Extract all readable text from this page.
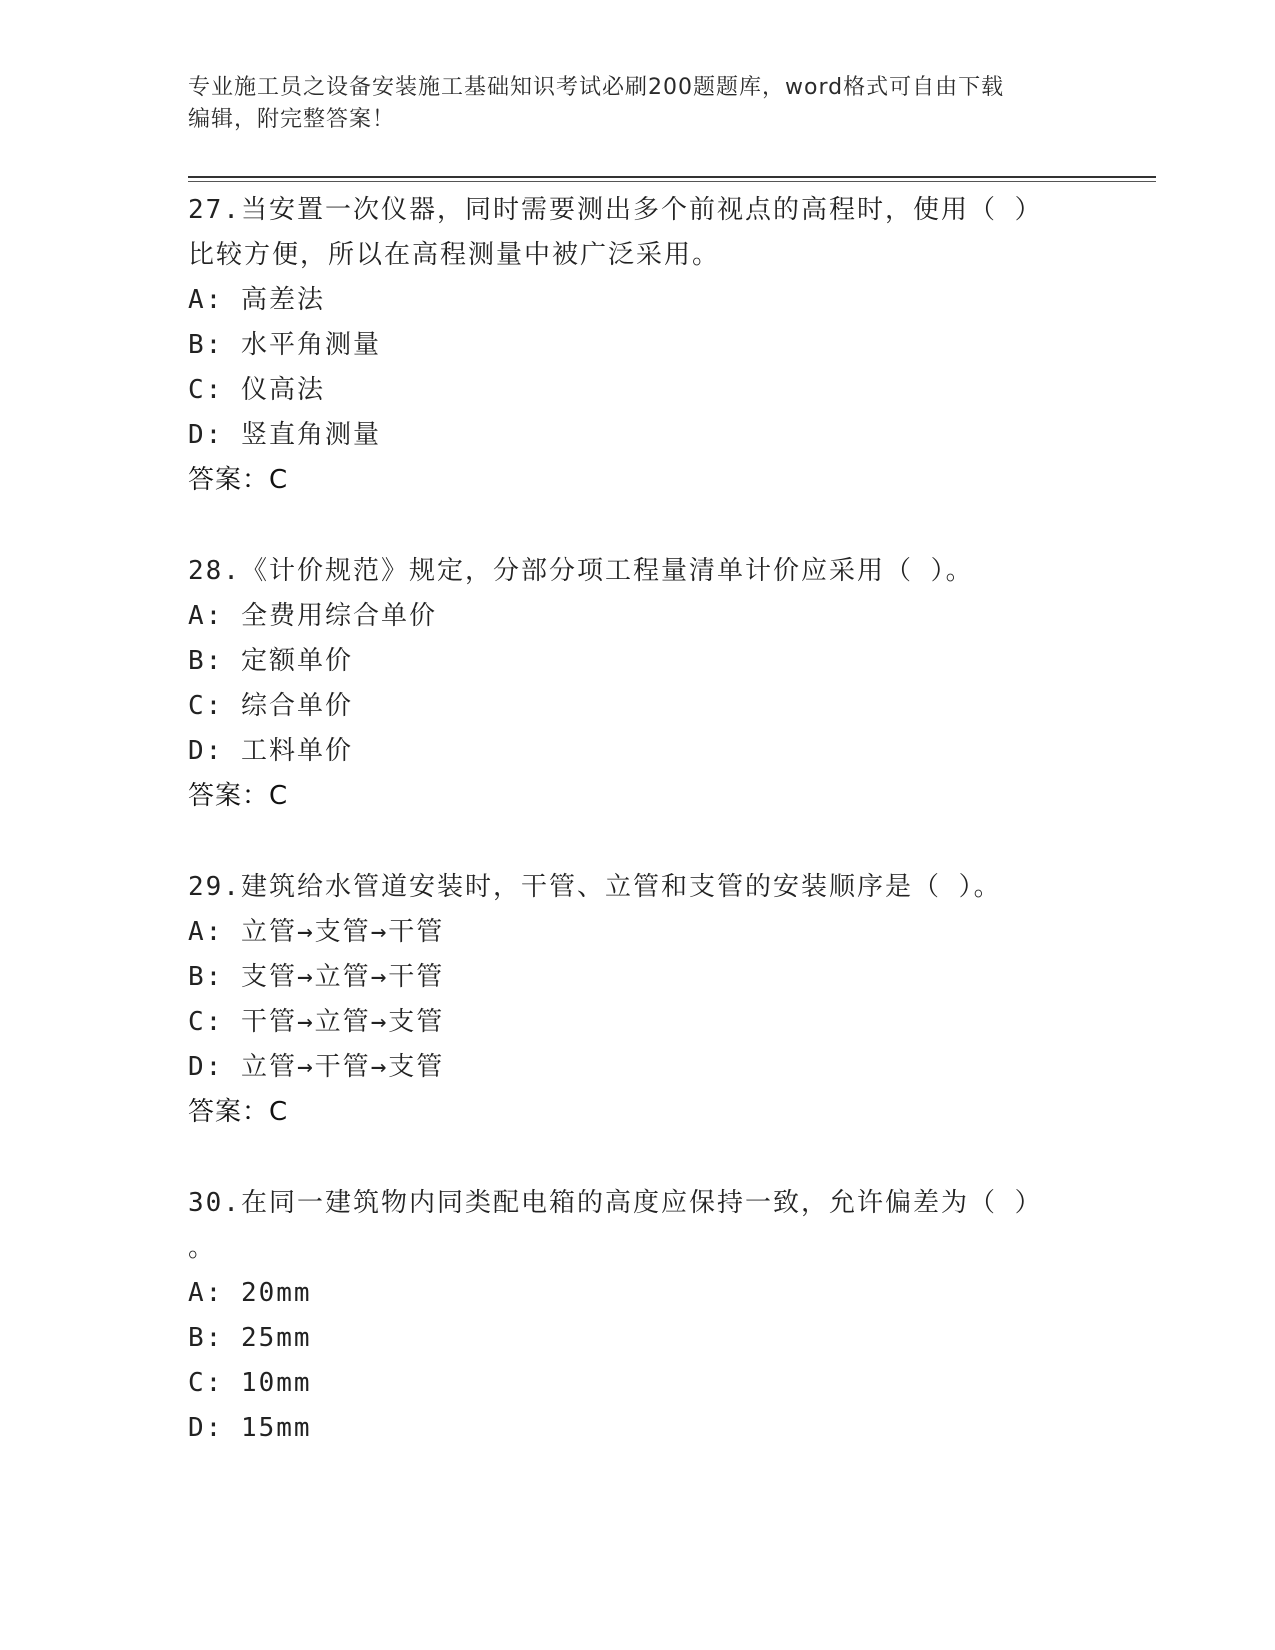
专业施工员之设备安装施工基础知识考试必刷200题题库，word格式可自由下载
编辑，附完整答案！
27.当安置一次仪器，同时需要测出多个前视点的高程时，使用（ ）
比较方便，所以在高程测量中被广泛采用。
A: 高差法
B: 水平角测量
C: 仪高法
D: 竖直角测量
答案：C
28.《计价规范》规定，分部分项工程量清单计价应采用（ ）。
A: 全费用综合单价
B: 定额单价
C: 综合单价
D: 工料单价
答案：C
29.建筑给水管道安装时，干管、立管和支管的安装顺序是（ ）。
A: 立管→支管→干管
B: 支管→立管→干管
C: 干管→立管→支管
D: 立管→干管→支管
答案：C
30.在同一建筑物内同类配电箱的高度应保持一致，允许偏差为（ ）
。
A: 20mm
B: 25mm
C: 10mm
D: 15mm
